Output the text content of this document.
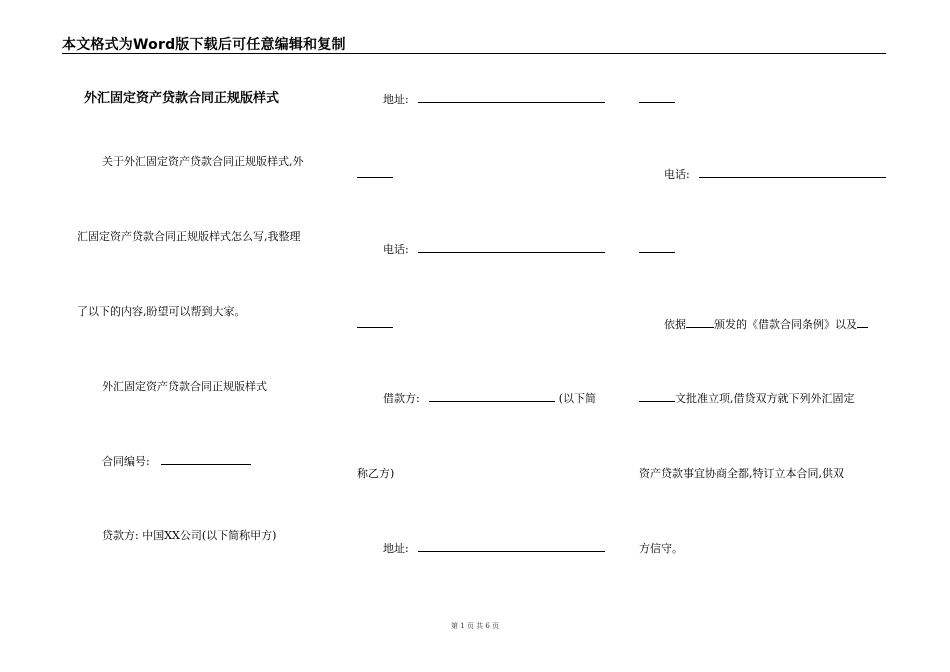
本文格式为Word版下载后可任意编辑和复制
外汇固定资产贷款合同正规版样式
关于外汇固定资产贷款合同正规版样式,外
汇固定资产贷款合同正规版样式怎么写,我整理
了以下的内容,盼望可以帮到大家。
外汇固定资产贷款合同正规版样式
合同编号:
贷款方: 中国XX公司(以下简称甲方)
地址:
电话:
借款方:	(以下简
称乙方)
地址:
电话:
依据	颁发的《借款合同条例》以及
文批准立项,借贷双方就下列外汇固定
资产贷款事宜协商全都,特订立本合同,供双
方信守。
第 1 页 共 6 页
